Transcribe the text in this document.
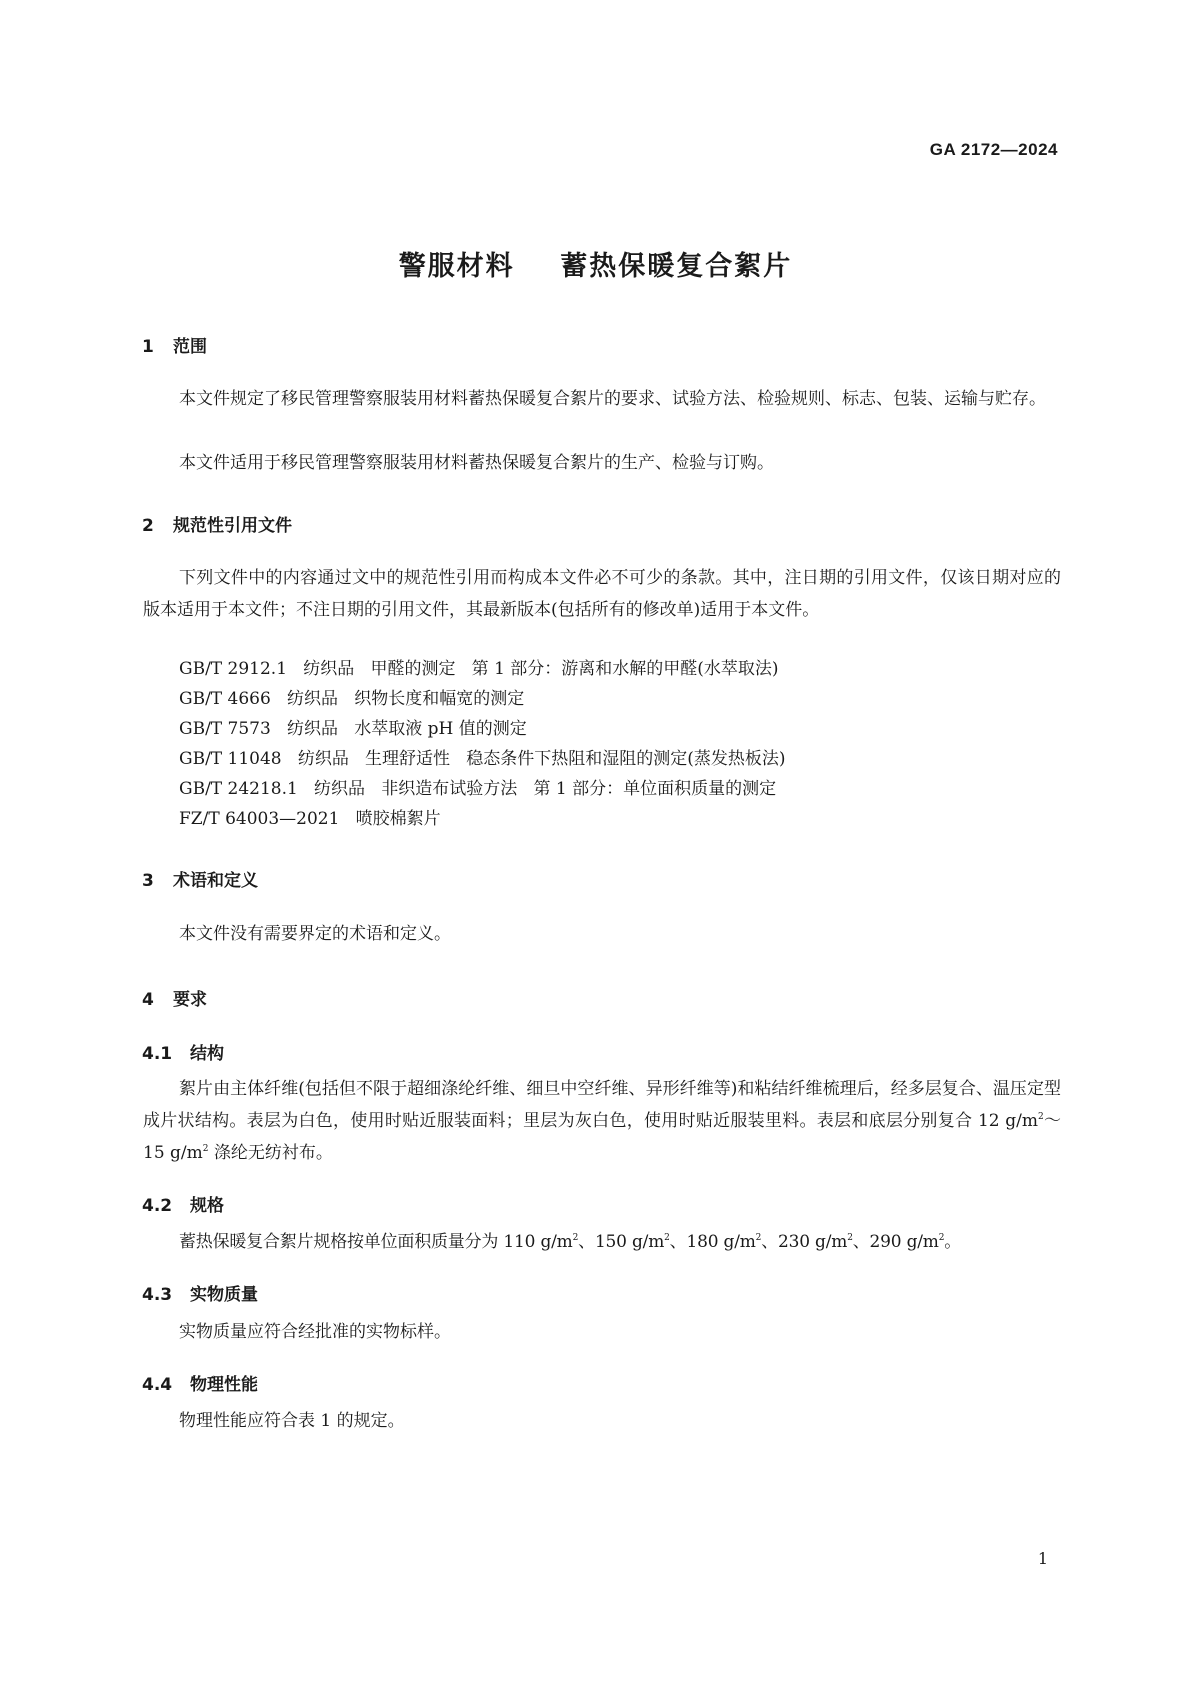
GA 2172—2024
警服材料    蓄热保暖复合絮片
1 范围
本文件规定了移民管理警察服装用材料蓄热保暖复合絮片的要求、试验方法、检验规则、标志、包装、运输与贮存。
本文件适用于移民管理警察服装用材料蓄热保暖复合絮片的生产、检验与订购。
2 规范性引用文件
下列文件中的内容通过文中的规范性引用而构成本文件必不可少的条款。其中，注日期的引用文件，仅该日期对应的版本适用于本文件；不注日期的引用文件，其最新版本(包括所有的修改单)适用于本文件。
GB/T 2912.1   纺织品   甲醛的测定   第 1 部分：游离和水解的甲醛(水萃取法)
GB/T 4666   纺织品   织物长度和幅宽的测定
GB/T 7573   纺织品   水萃取液 pH 值的测定
GB/T 11048   纺织品   生理舒适性   稳态条件下热阻和湿阻的测定(蒸发热板法)
GB/T 24218.1   纺织品   非织造布试验方法   第 1 部分：单位面积质量的测定
FZ/T 64003—2021   喷胶棉絮片
3 术语和定义
本文件没有需要界定的术语和定义。
4 要求
4.1 结构
絮片由主体纤维(包括但不限于超细涤纶纤维、细旦中空纤维、异形纤维等)和粘结纤维梳理后，经多层复合、温压定型成片状结构。表层为白色，使用时贴近服装面料；里层为灰白色，使用时贴近服装里料。表层和底层分别复合 12 $g/m^2\sim 15$ $g/m^2$ 涤纶无纺衬布。
4.2 规格
蓄热保暖复合絮片规格按单位面积质量分为 110 $g/m^2$、150 $g/m^2$、180 $g/m^2$、230 $g/m^2$、290 $g/m^2$。
4.3 实物质量
实物质量应符合经批准的实物标样。
4.4 物理性能
物理性能应符合表 1 的规定。
1
